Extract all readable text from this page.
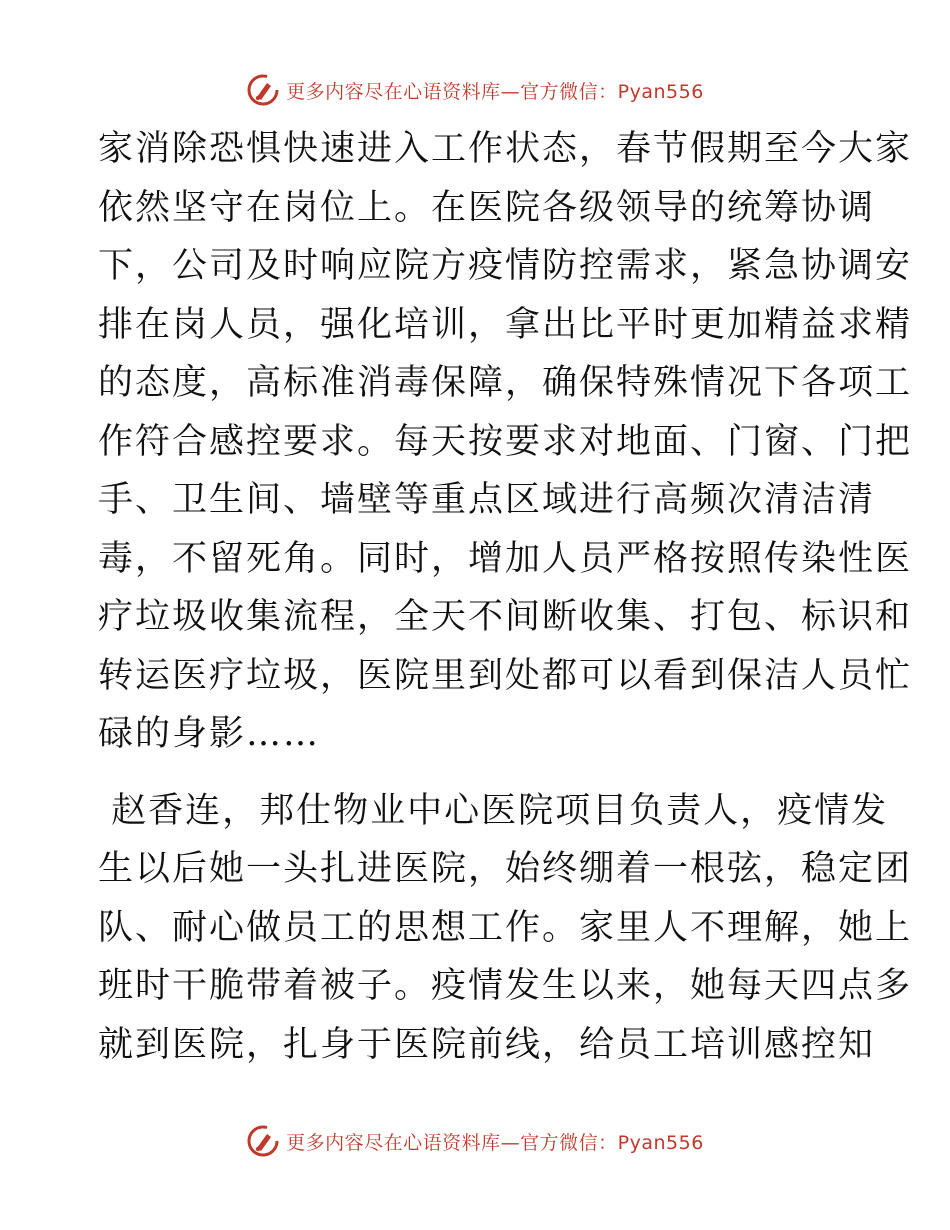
更多内容尽在心语资料库—官方微信：Pyan556

家消除恐惧快速进入工作状态，春节假期至今大家
依然坚守在岗位上。在医院各级领导的统筹协调
下，公司及时响应院方疫情防控需求，紧急协调安
排在岗人员，强化培训，拿出比平时更加精益求精
的态度，高标准消毒保障，确保特殊情况下各项工
作符合感控要求。每天按要求对地面、门窗、门把
手、卫生间、墙壁等重点区域进行高频次清洁清
毒，不留死角。同时，增加人员严格按照传染性医
疗垃圾收集流程，全天不间断收集、打包、标识和
转运医疗垃圾，医院里到处都可以看到保洁人员忙
碌的身影……

赵香连，邦仕物业中心医院项目负责人，疫情发
生以后她一头扎进医院，始终绷着一根弦，稳定团
队、耐心做员工的思想工作。家里人不理解，她上
班时干脆带着被子。疫情发生以来，她每天四点多
就到医院，扎身于医院前线，给员工培训感控知

更多内容尽在心语资料库—官方微信：Pyan556
